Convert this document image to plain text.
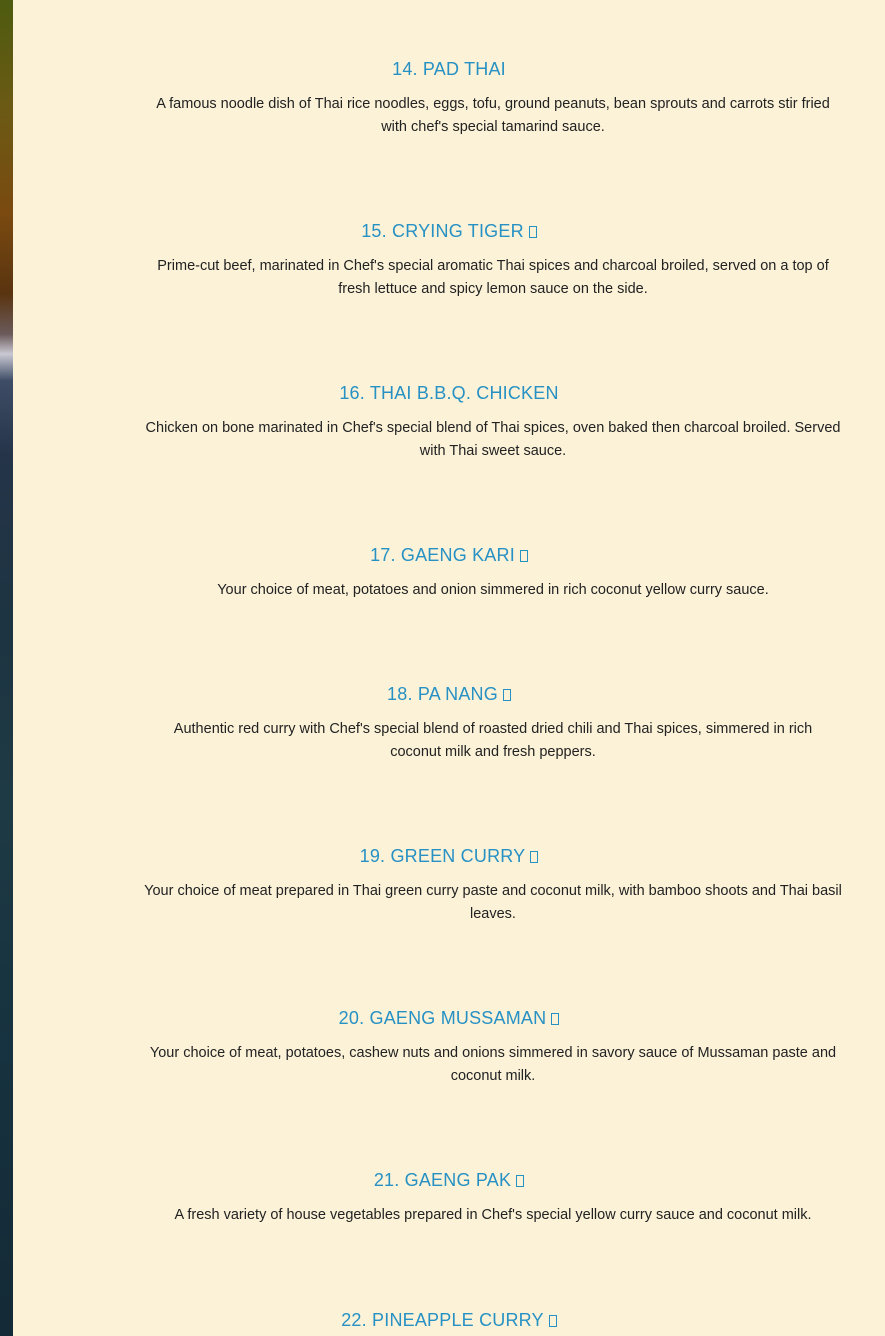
14. PAD THAI
A famous noodle dish of Thai rice noodles, eggs, tofu, ground peanuts, bean sprouts and carrots stir fried with chef's special tamarind sauce.
15. CRYING TIGER
Prime-cut beef, marinated in Chef's special aromatic Thai spices and charcoal broiled, served on a top of fresh lettuce and spicy lemon sauce on the side.
16. THAI B.B.Q. CHICKEN
Chicken on bone marinated in Chef's special blend of Thai spices, oven baked then charcoal broiled. Served with Thai sweet sauce.
17. GAENG KARI
Your choice of meat, potatoes and onion simmered in rich coconut yellow curry sauce.
18. PA NANG
Authentic red curry with Chef's special blend of roasted dried chili and Thai spices, simmered in rich coconut milk and fresh peppers.
19. GREEN CURRY
Your choice of meat prepared in Thai green curry paste and coconut milk, with bamboo shoots and Thai basil leaves.
20. GAENG MUSSAMAN
Your choice of meat, potatoes, cashew nuts and onions simmered in savory sauce of Mussaman paste and coconut milk.
21. GAENG PAK
A fresh variety of house vegetables prepared in Chef's special yellow curry sauce and coconut milk.
22. PINEAPPLE CURRY
